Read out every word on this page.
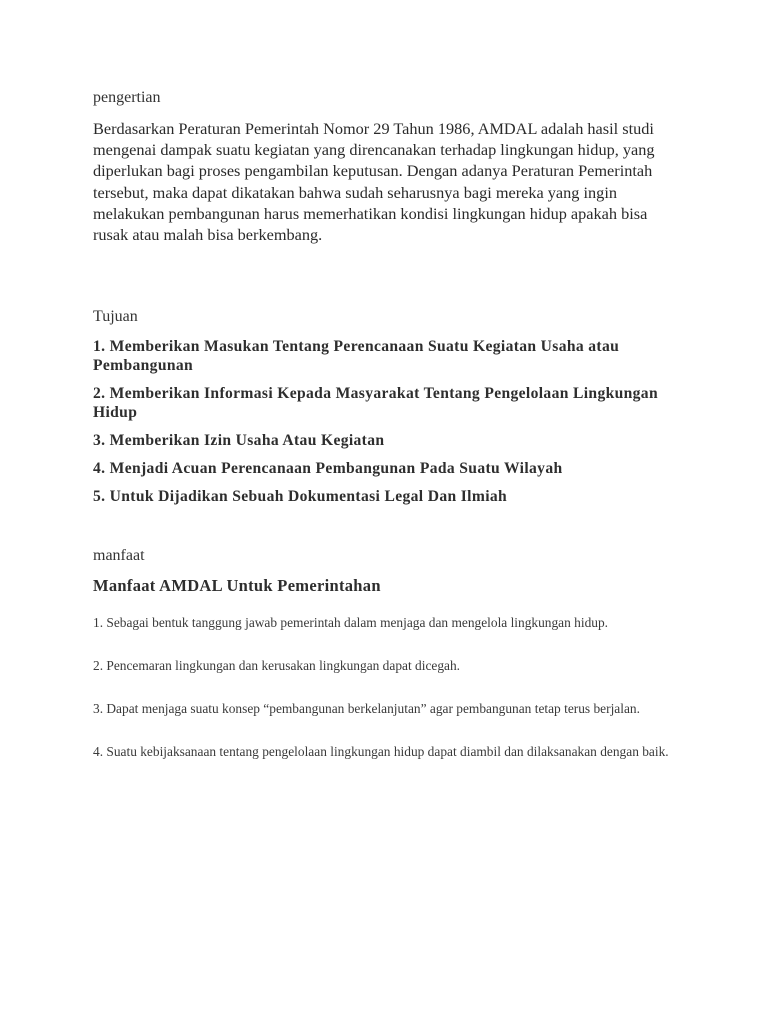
pengertian

Berdasarkan Peraturan Pemerintah Nomor 29 Tahun 1986, AMDAL adalah hasil studi mengenai dampak suatu kegiatan yang direncanakan terhadap lingkungan hidup, yang diperlukan bagi proses pengambilan keputusan. Dengan adanya Peraturan Pemerintah tersebut, maka dapat dikatakan bahwa sudah seharusnya bagi mereka yang ingin melakukan pembangunan harus memerhatikan kondisi lingkungan hidup apakah bisa rusak atau malah bisa berkembang.

Tujuan
1. Memberikan Masukan Tentang Perencanaan Suatu Kegiatan Usaha atau Pembangunan
2. Memberikan Informasi Kepada Masyarakat Tentang Pengelolaan Lingkungan Hidup
3. Memberikan Izin Usaha Atau Kegiatan
4. Menjadi Acuan Perencanaan Pembangunan Pada Suatu Wilayah
5. Untuk Dijadikan Sebuah Dokumentasi Legal Dan Ilmiah
manfaat
Manfaat AMDAL Untuk Pemerintahan
1. Sebagai bentuk tanggung jawab pemerintah dalam menjaga dan mengelola lingkungan hidup.
2. Pencemaran lingkungan dan kerusakan lingkungan dapat dicegah.
3. Dapat menjaga suatu konsep “pembangunan berkelanjutan” agar pembangunan tetap terus berjalan.
4. Suatu kebijaksanaan tentang pengelolaan lingkungan hidup dapat diambil dan dilaksanakan dengan baik.
